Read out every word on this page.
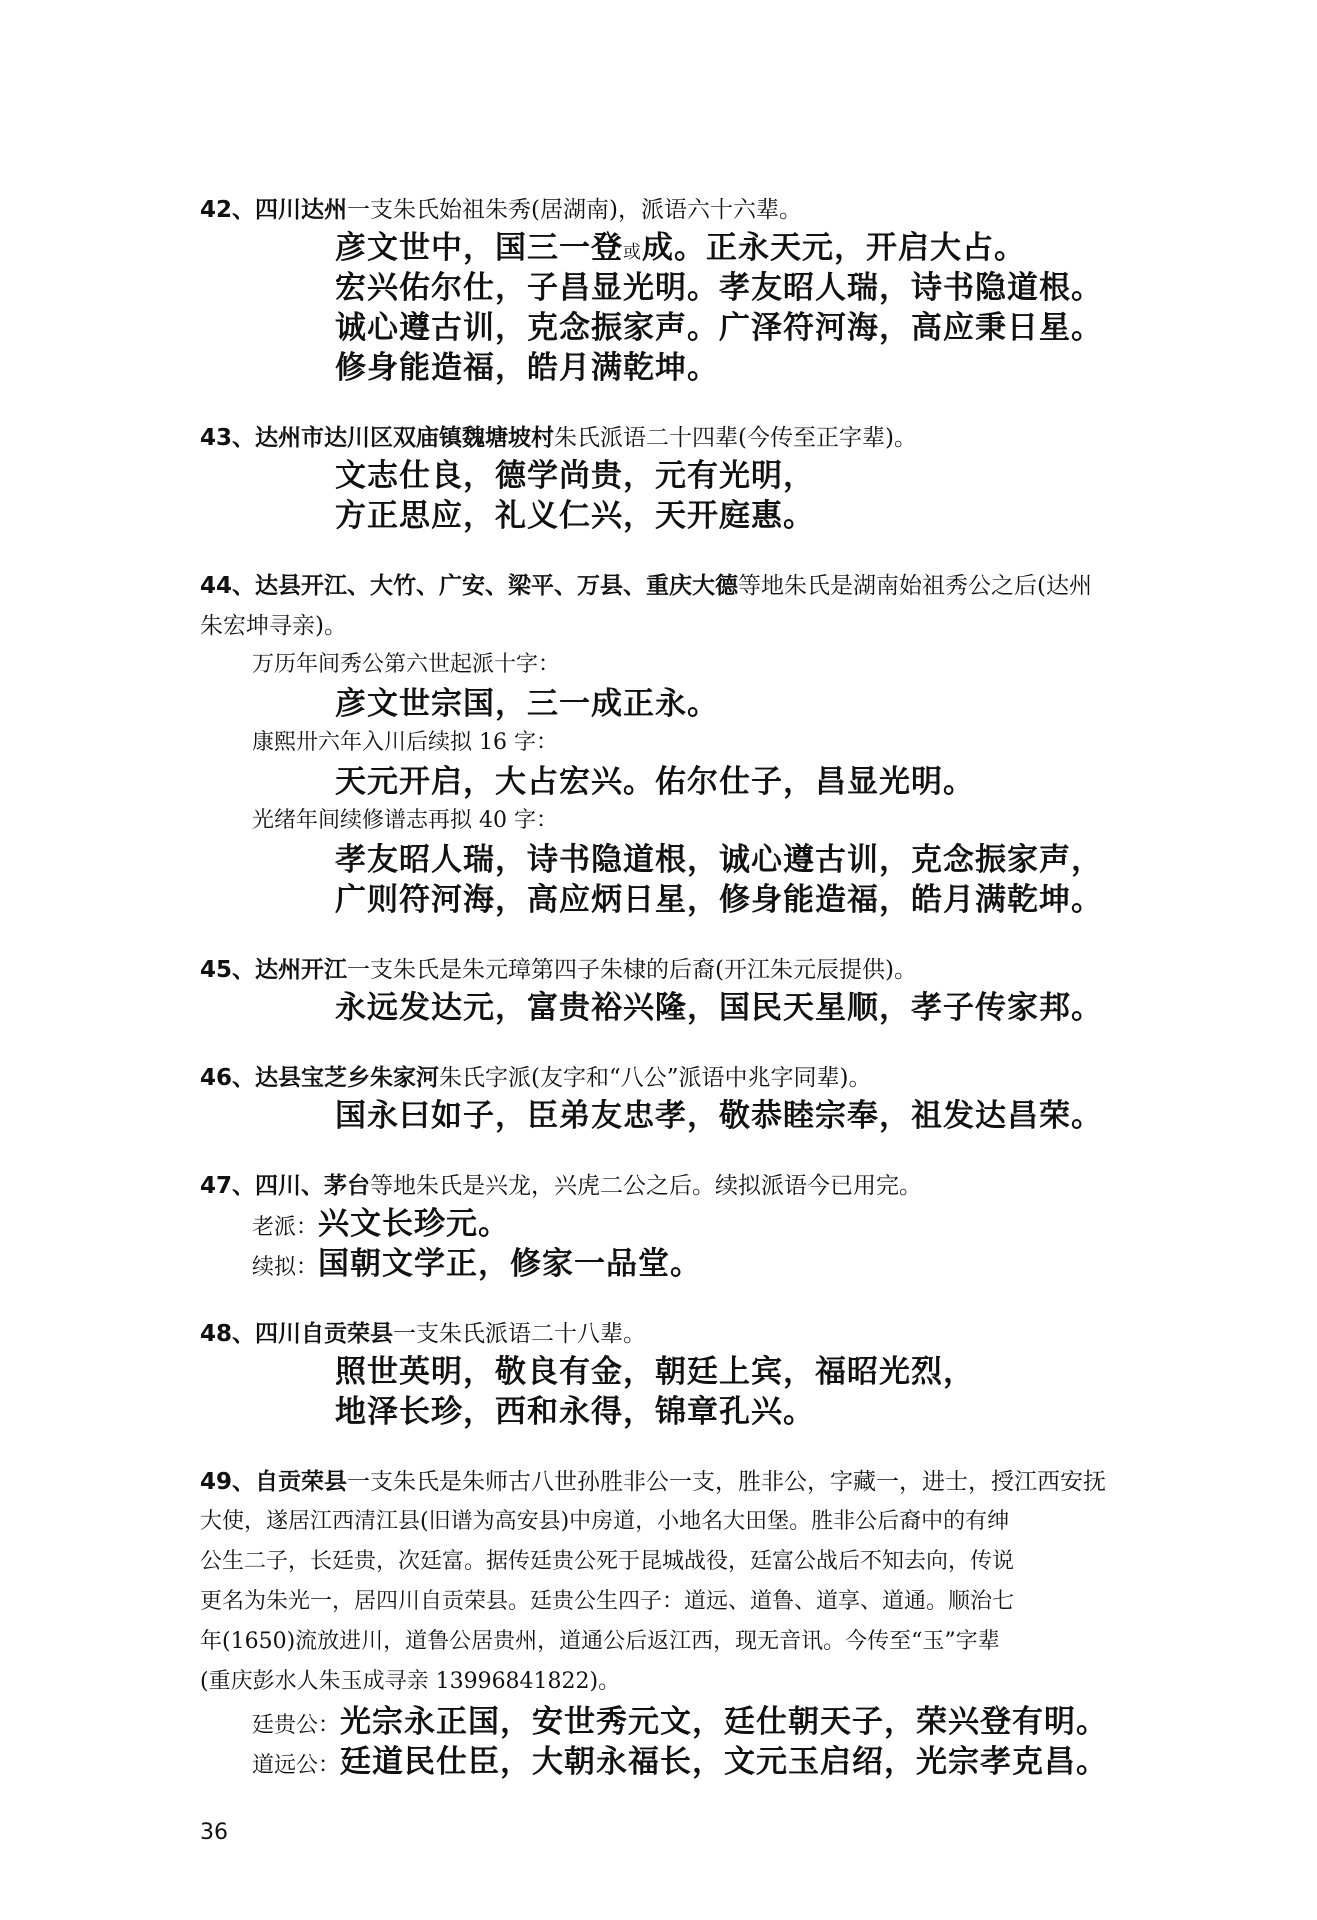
42、四川达州一支朱氏始祖朱秀(居湖南)，派语六十六辈。
彦文世中，国三一登或成。正永天元，开启大占。
宏兴佑尔仕，子昌显光明。孝友昭人瑞，诗书隐道根。
诚心遵古训，克念振家声。广泽符河海，高应秉日星。
修身能造福，皓月满乾坤。
43、达州市达川区双庙镇魏塘坡村朱氏派语二十四辈(今传至正字辈)。
文志仕良，德学尚贵，元有光明，
方正思应，礼义仁兴，天开庭惠。
44、达县开江、大竹、广安、梁平、万县、重庆大德等地朱氏是湖南始祖秀公之后(达州
朱宏坤寻亲)。
万历年间秀公第六世起派十字：
彦文世宗国，三一成正永。
康熙卅六年入川后续拟 16 字：
天元开启，大占宏兴。佑尔仕子，昌显光明。
光绪年间续修谱志再拟 40 字：
孝友昭人瑞，诗书隐道根，诚心遵古训，克念振家声，
广则符河海，高应炳日星，修身能造福，皓月满乾坤。
45、达州开江一支朱氏是朱元璋第四子朱棣的后裔(开江朱元辰提供)。
永远发达元，富贵裕兴隆，国民天星顺，孝子传家邦。
46、达县宝芝乡朱家河朱氏字派(友字和“八公”派语中兆字同辈)。
国永曰如子，臣弟友忠孝，敬恭睦宗奉，祖发达昌荣。
47、四川、茅台等地朱氏是兴龙，兴虎二公之后。续拟派语今已用完。
老派：兴文长珍元。
续拟：国朝文学正，修家一品堂。
48、四川自贡荣县一支朱氏派语二十八辈。
照世英明，敬良有金，朝廷上宾，福昭光烈，
地泽长珍，西和永得，锦章孔兴。
49、自贡荣县一支朱氏是朱师古八世孙胜非公一支，胜非公，字藏一，进士，授江西安抚
大使，遂居江西清江县(旧谱为高安县)中房道，小地名大田堡。胜非公后裔中的有绅
公生二子，长廷贵，次廷富。据传廷贵公死于昆城战役，廷富公战后不知去向，传说
更名为朱光一，居四川自贡荣县。廷贵公生四子：道远、道鲁、道享、道通。顺治七
年(1650)流放进川，道鲁公居贵州，道通公后返江西，现无音讯。今传至“玉”字辈
(重庆彭水人朱玉成寻亲 13996841822)。
廷贵公：光宗永正国，安世秀元文，廷仕朝天子，荣兴登有明。
道远公：廷道民仕臣，大朝永福长，文元玉启绍，光宗孝克昌。
36
